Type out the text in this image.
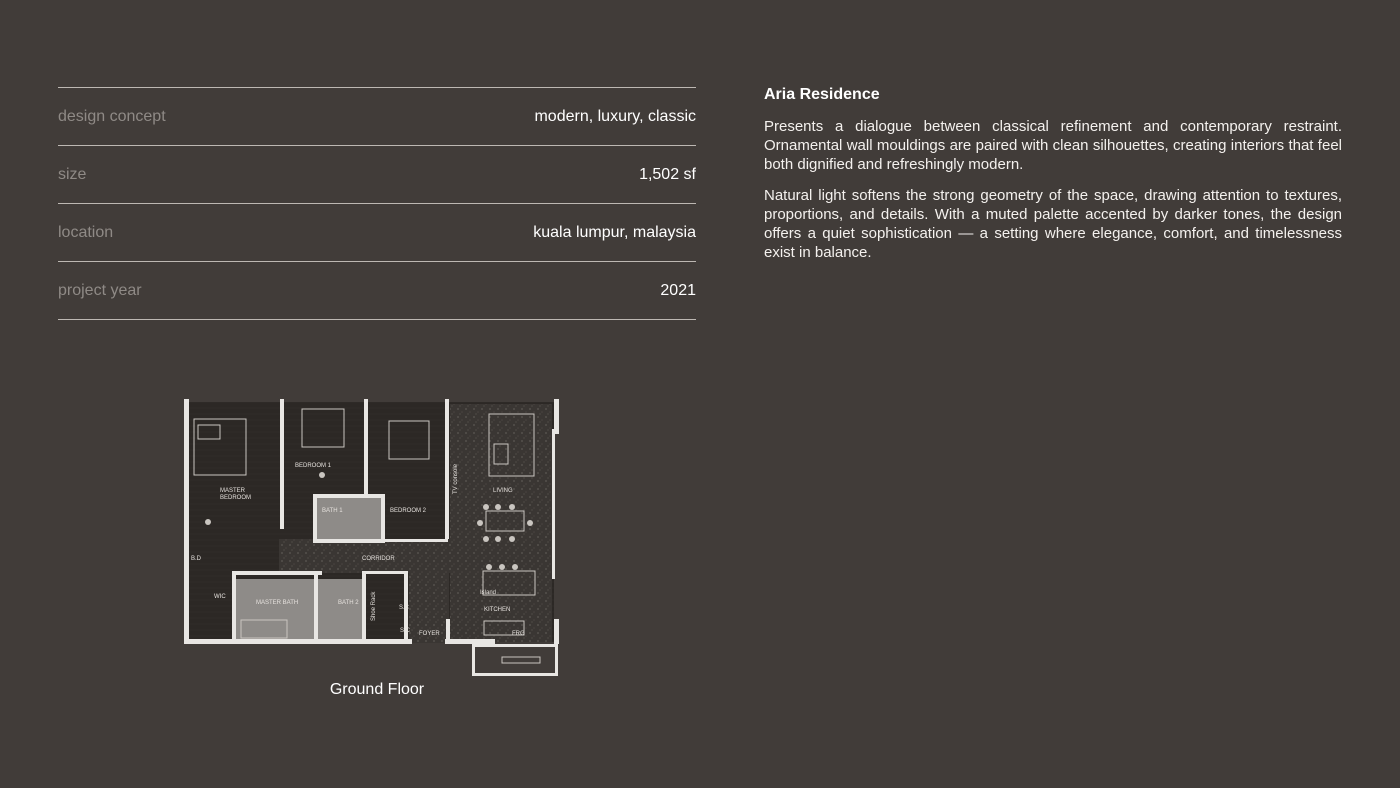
design concept	modern, luxury, classic
size	1,502 sf
location	kuala lumpur, malaysia
project year	2021
Aria Residence

Presents a dialogue between classical refinement and contemporary restraint. Ornamental wall mouldings are paired with clean silhouettes, creating interiors that feel both dignified and refreshingly modern.

Natural light softens the strong geometry of the space, drawing attention to textures, proportions, and details. With a muted palette accented by darker tones, the design offers a quiet sophistication — a setting where elegance, comfort, and timelessness exist in balance.

MASTER
BEDROOM
BEDROOM 1
BATH 1	BEDROOM 2
LIVING
TV console
CORRIDOR
B.D
WIC
MASTER BATH	BATH 2 Shoe Rack	S.C
S.C FOYER
Island
KITCHEN
FRG
Ground Floor
